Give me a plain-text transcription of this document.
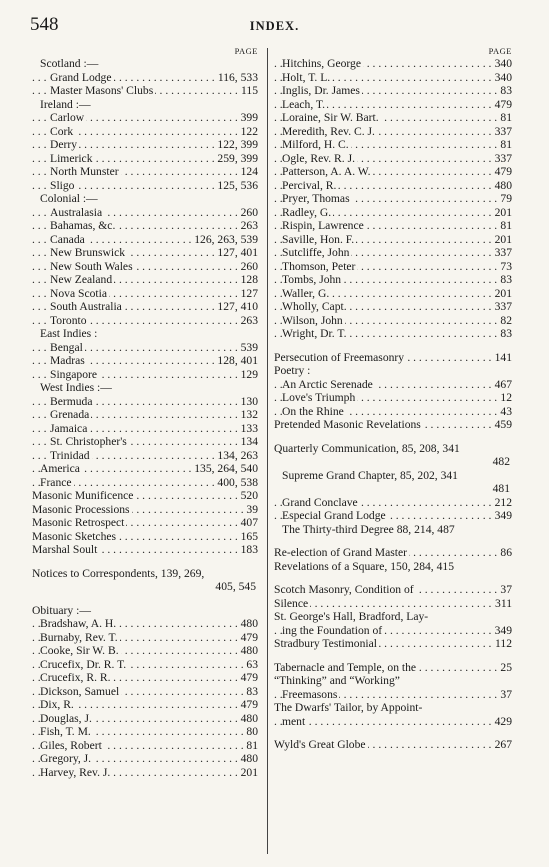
548	INDEX.
PAGE
Scotland :—
. . . Grand Lodge	116, 533
. . . Master Masons' Clubs	115
Ireland :—
. . . Carlow	399
. . . Cork	122
. . . Derry	122, 399
. . . Limerick	259, 399
. . . North Munster	124
. . . Sligo	125, 536
Colonial :—
. . . Australasia	260
. . . Bahamas, &c.	263
. . . Canada	126, 263, 539
. . . New Brunswick	127, 401
. . . New South Wales	260
. . . New Zealand	128
. . . Nova Scotia	127
. . . South Australia	127, 410
. . . Toronto	263
East Indies :
. . . Bengal	539
. . . Madras	128, 401
. . . Singapore	129
West Indies :—
. . . Bermuda	130
. . . Grenada	132
. . . Jamaica	133
. . . St. Christopher's	134
. . . Trinidad	134, 263
. . . America	135, 264, 540
. . . France	400, 538
. . . Masonic Munificence	520
. . . Masonic Processions	39
. . . Masonic Retrospect	407
. . . Masonic Sketches	165
. . . Marshal Soult	183
Notices to Correspondents, 139, 269,
405, 545
Obituary :—
. . . Bradshaw, A. H.	480
. . . Burnaby, Rev. T.	479
. . . Cooke, Sir W. B.	480
. . . Crucefix, Dr. R. T.	63
. . . Crucefix, R. R.	479
. . . Dickson, Samuel	83
. . . Dix, R.	479
. . . Douglas, J.	480
. . . Fish, T. M.	80
. . . Giles, Robert	81
. . . Gregory, J.	480
. . . Harvey, Rev. J.	201
PAGE
. . . Hitchins, George	340
. . . Holt, T. L.	340
. . . Inglis, Dr. James	83
. . . Leach, T.	479
. . . Loraine, Sir W. Bart.	81
. . . Meredith, Rev. C. J.	337
. . . Milford, H. C.	81
. . . Ogle, Rev. R. J.	337
. . . Patterson, A. A. W.	479
. . . Percival, R.	480
. . . Pryer, Thomas	79
. . . Radley, G.	201
. . . Rispin, Lawrence	81
. . . Saville, Hon. F.	201
. . . Sutcliffe, John	337
. . . Thomson, Peter	73
. . . Tombs, John	83
. . . Waller, G.	201
. . . Wholly, Capt.	337
. . . Wilson, John	82
. . . Wright, Dr. T.	83
. . . Persecution of Freemasonry	141
Poetry :
. . . An Arctic Serenade	467
. . . Love's Triumph	12
. . . On the Rhine	43
. . . Pretended Masonic Revelations	459
Quarterly Communication, 85, 208, 341
482
Supreme Grand Chapter, 85, 202, 341
481
. . . Grand Conclave	212
. . . Especial Grand Lodge	349
The Thirty-third Degree 88, 214, 487
. . . Re-election of Grand Master	86
Revelations of a Square, 150, 284, 415
. . . Scotch Masonry, Condition of	37
. . . Silence	311
St. George's Hall, Bradford, Lay-
. . . ing the Foundation of	349
. . . Stradbury Testimonial	112
. . . Tabernacle and Temple, on the	25
“Thinking” and “Working”
. . . Freemasons	37
The Dwarfs' Tailor, by Appoint-
. . . ment	429
. . . Wyld's Great Globe	267
